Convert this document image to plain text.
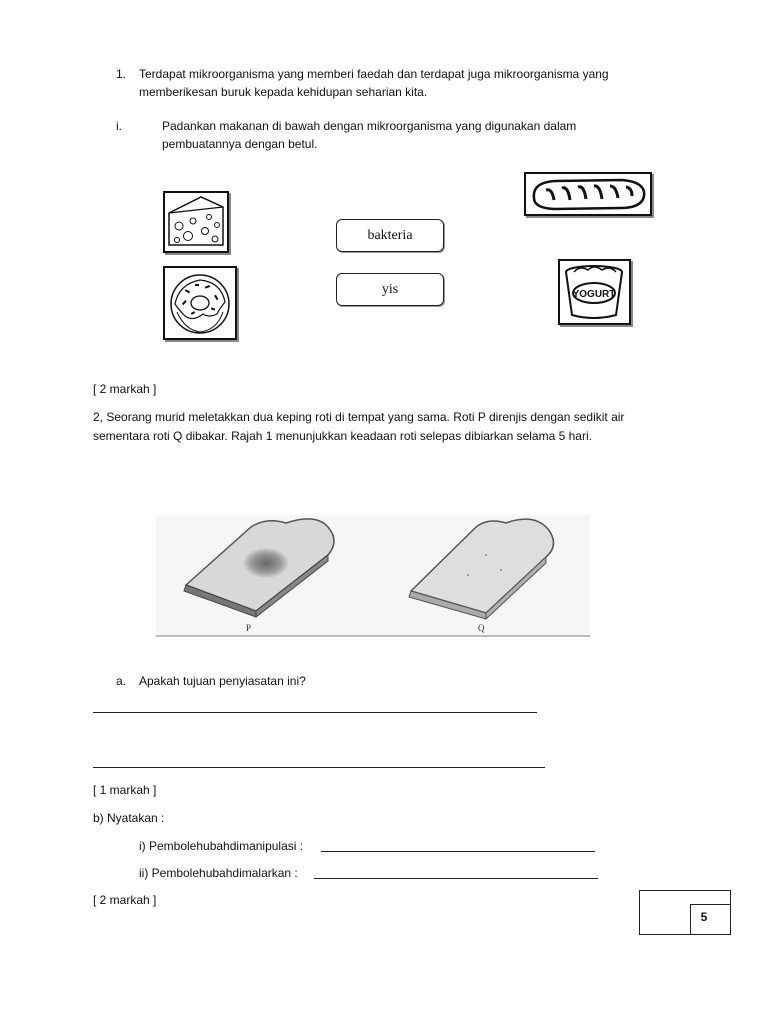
1. Terdapat mikroorganisma yang memberi faedah dan terdapat juga mikroorganisma yang
memberikesan buruk kepada kehidupan seharian kita.
i.	Padankan makanan di bawah dengan mikroorganisma yang digunakan dalam
pembuatannya dengan betul.
bakteria
yis	YOGURT
[ 2 markah ]
2, Seorang murid meletakkan dua keping roti di tempat yang sama. Roti P direnjis dengan sedikit air
sementara roti Q dibakar. Rajah 1 menunjukkan keadaan roti selepas dibiarkan selama 5 hari.
P	Q
a. Apakah tujuan penyiasatan ini?
[ 1 markah ]
b) Nyatakan :
i) Pembolehubahdimanipulasi :
ii) Pembolehubahdimalarkan :
[ 2 markah ]
5
